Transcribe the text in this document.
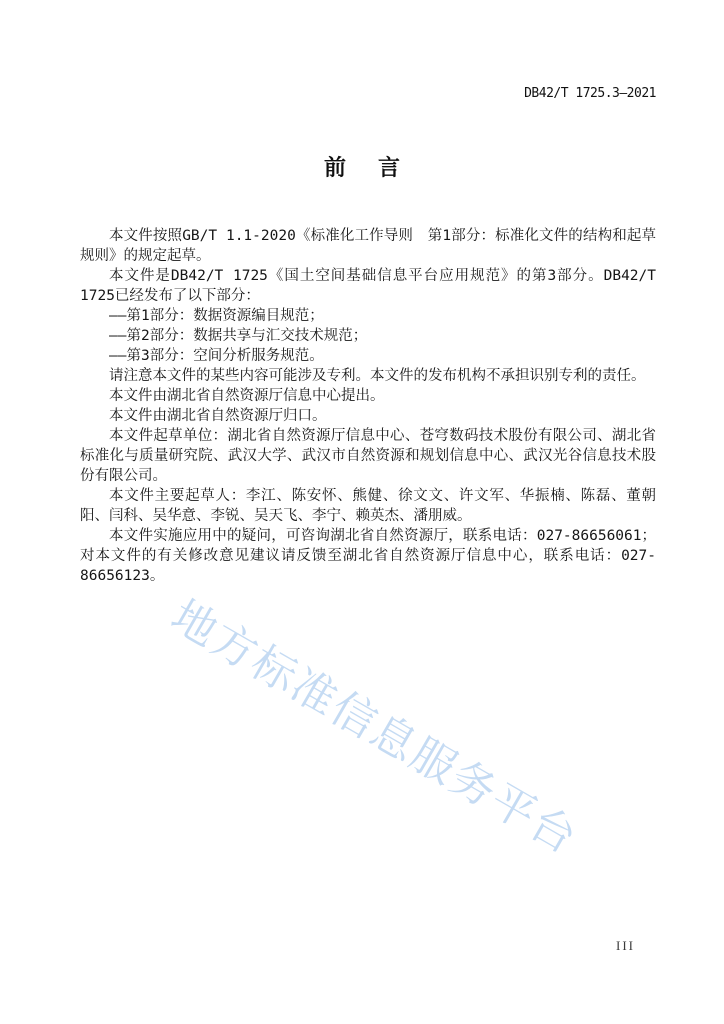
地方标准信息服务平台
DB42/T 1725.3—2021
前言

本文件按照GB/T 1.1-2020《标准化工作导则　第1部分：标准化文件的结构和起草规则》的规定起草。

本文件是DB42/T 1725《国土空间基础信息平台应用规范》的第3部分。DB42/T 1725已经发布了以下部分：

——第1部分：数据资源编目规范；

——第2部分：数据共享与汇交技术规范；

——第3部分：空间分析服务规范。

请注意本文件的某些内容可能涉及专利。本文件的发布机构不承担识别专利的责任。

本文件由湖北省自然资源厅信息中心提出。

本文件由湖北省自然资源厅归口。

本文件起草单位：湖北省自然资源厅信息中心、苍穹数码技术股份有限公司、湖北省标准化与质量研究院、武汉大学、武汉市自然资源和规划信息中心、武汉光谷信息技术股份有限公司。

本文件主要起草人：李江、陈安怀、熊健、徐文文、许文军、华振楠、陈磊、董朝阳、闫科、吴华意、李锐、吴天飞、李宁、赖英杰、潘朋威。

本文件实施应用中的疑问，可咨询湖北省自然资源厅，联系电话：027-86656061；对本文件的有关修改意见建议请反馈至湖北省自然资源厅信息中心，联系电话：027-86656123。

III
